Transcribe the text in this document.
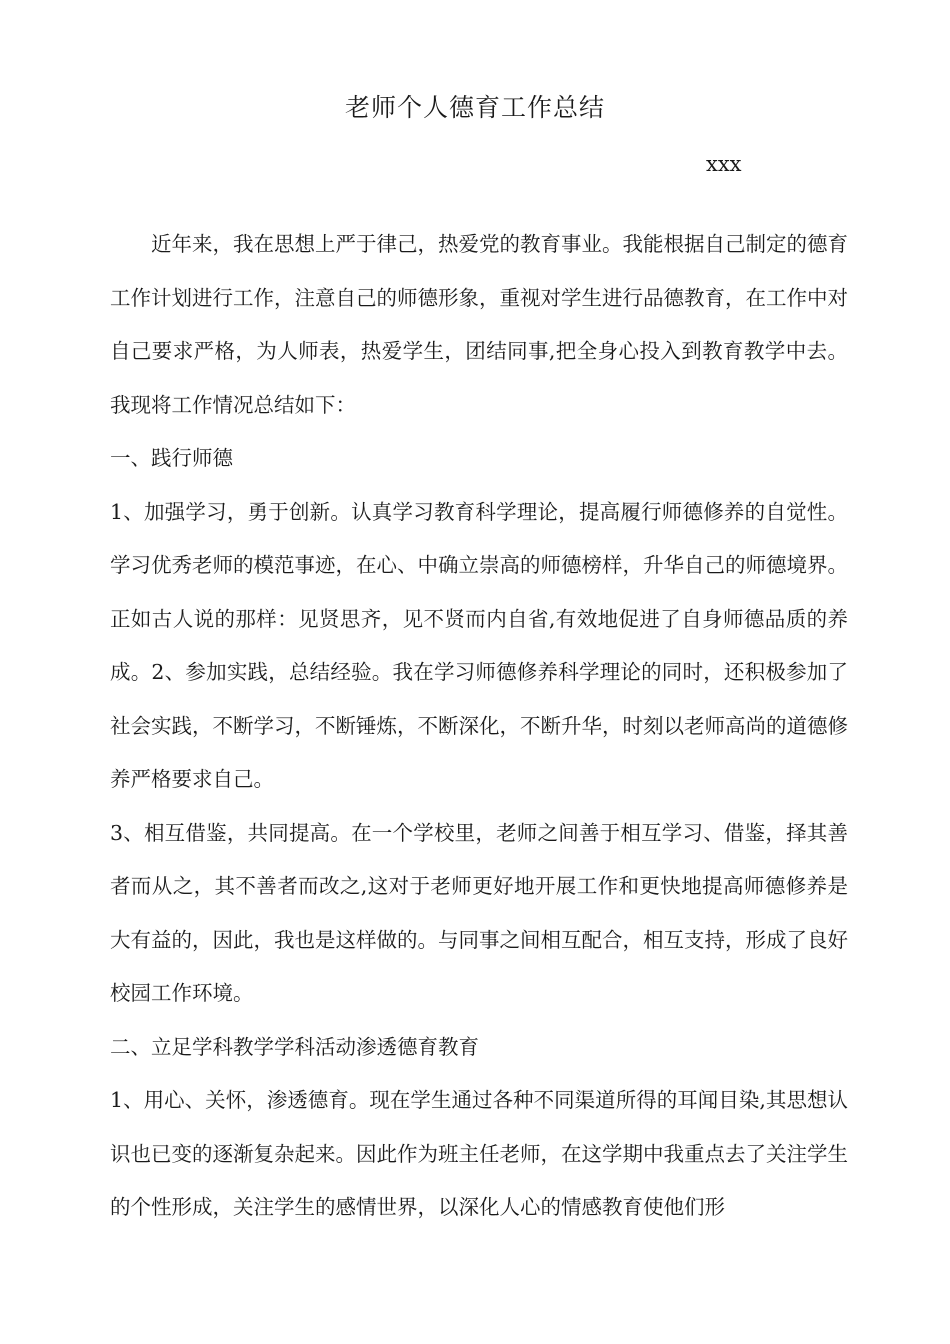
老师个人德育工作总结
xxx

近年来，我在思想上严于律己，热爱党的教育事业。我能根据自己制定的德育工作计划进行工作，注意自己的师德形象，重视对学生进行品德教育，在工作中对自己要求严格，为人师表，热爱学生，团结同事,把全身心投入到教育教学中去。我现将工作情况总结如下：

一、践行师德

1、加强学习，勇于创新。认真学习教育科学理论，提高履行师德修养的自觉性。学习优秀老师的模范事迹，在心、中确立崇高的师德榜样，升华自己的师德境界。正如古人说的那样：见贤思齐，见不贤而内自省,有效地促进了自身师德品质的养成。2、参加实践，总结经验。我在学习师德修养科学理论的同时，还积极参加了社会实践，不断学习，不断锤炼，不断深化，不断升华，时刻以老师高尚的道德修养严格要求自己。

3、相互借鉴，共同提高。在一个学校里，老师之间善于相互学习、借鉴，择其善者而从之，其不善者而改之,这对于老师更好地开展工作和更快地提高师德修养是大有益的，因此，我也是这样做的。与同事之间相互配合，相互支持，形成了良好校园工作环境。

二、立足学科教学学科活动渗透德育教育

1、用心、关怀，渗透德育。现在学生通过各种不同渠道所得的耳闻目染,其思想认识也已变的逐渐复杂起来。因此作为班主任老师，在这学期中我重点去了关注学生的个性形成，关注学生的感情世界，以深化人心的情感教育使他们形
